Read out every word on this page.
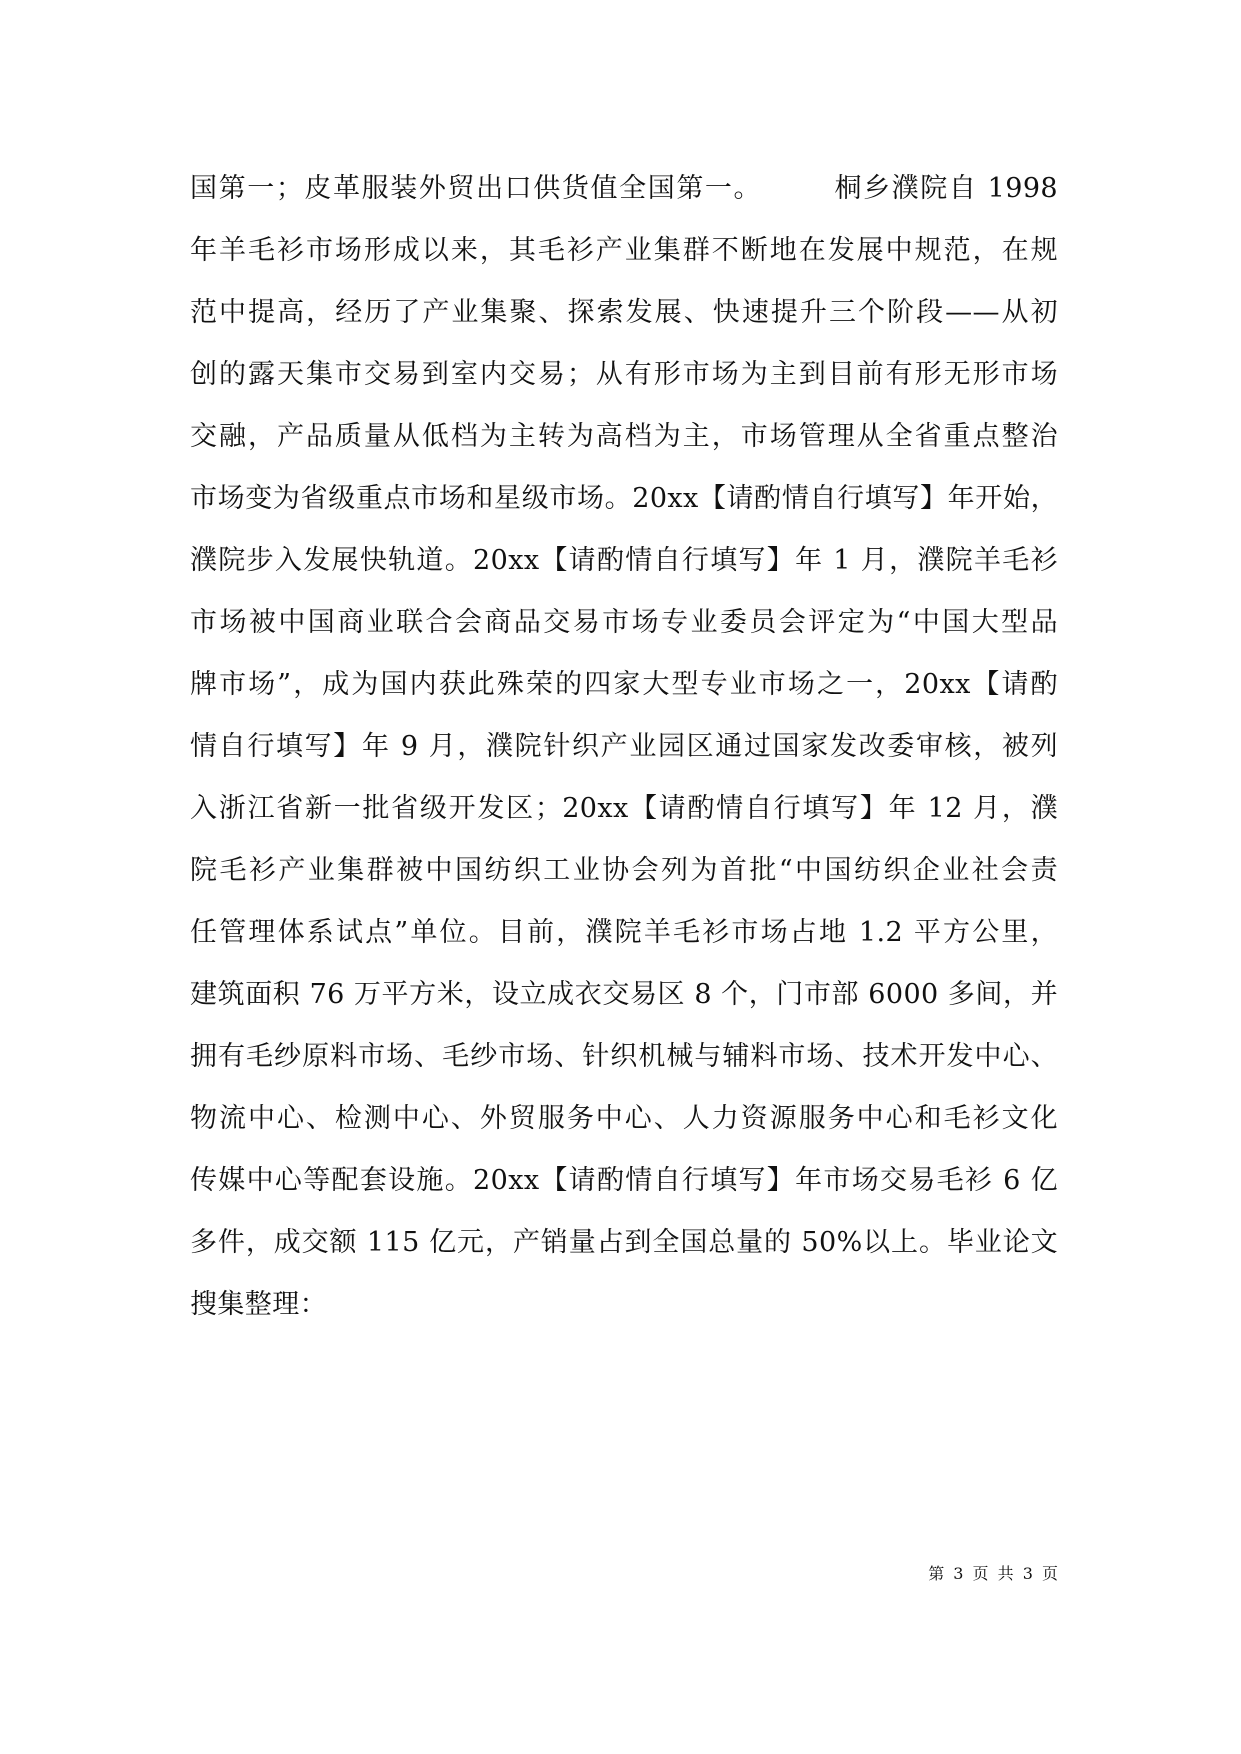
国第一；皮革服装外贸出口供货值全国第一。　　　桐乡濮院自 1998
年羊毛衫市场形成以来，其毛衫产业集群不断地在发展中规范，在规
范中提高，经历了产业集聚、探索发展、快速提升三个阶段——从初
创的露天集市交易到室内交易；从有形市场为主到目前有形无形市场
交融，产品质量从低档为主转为高档为主，市场管理从全省重点整治
市场变为省级重点市场和星级市场。20xx【请酌情自行填写】年开始，
濮院步入发展快轨道。20xx【请酌情自行填写】年 1 月，濮院羊毛衫
市场被中国商业联合会商品交易市场专业委员会评定为“中国大型品
牌市场”，成为国内获此殊荣的四家大型专业市场之一，20xx【请酌
情自行填写】年 9 月，濮院针织产业园区通过国家发改委审核，被列
入浙江省新一批省级开发区；20xx【请酌情自行填写】年 12 月，濮
院毛衫产业集群被中国纺织工业协会列为首批“中国纺织企业社会责
任管理体系试点”单位。目前，濮院羊毛衫市场占地 1.2 平方公里，
建筑面积 76 万平方米，设立成衣交易区 8 个，门市部 6000 多间，并
拥有毛纱原料市场、毛纱市场、针织机械与辅料市场、技术开发中心、
物流中心、检测中心、外贸服务中心、人力资源服务中心和毛衫文化
传媒中心等配套设施。20xx【请酌情自行填写】年市场交易毛衫 6 亿
多件，成交额 115 亿元，产销量占到全国总量的 50%以上。毕业论文
搜集整理：
第 3 页 共 3 页
